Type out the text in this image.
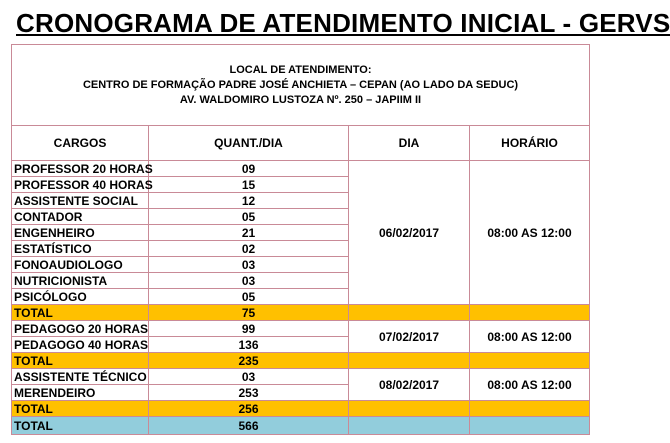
CRONOGRAMA DE ATENDIMENTO INICIAL - GERVS
LOCAL DE ATENDIMENTO:
CENTRO DE FORMAÇÃO PADRE JOSÉ ANCHIETA – CEPAN (AO LADO DA SEDUC)
AV. WALDOMIRO LUSTOZA Nº. 250 – JAPIIM II			

CARGOS	QUANT./DIA	DIA	HORÁRIO
PROFESSOR 20 HORAS	09	06/02/2017	08:00 AS 12:00
PROFESSOR 40 HORAS	15		
ASSISTENTE SOCIAL	12		
CONTADOR	05		
ENGENHEIRO	21		
ESTATÍSTICO	02		
FONOAUDIOLOGO	03		
NUTRICIONISTA	03		
PSICÓLOGO	05		
TOTAL	75		
PEDAGOGO 20 HORAS	99	07/02/2017	08:00 AS 12:00
PEDAGOGO 40 HORAS	136		
TOTAL	235		
ASSISTENTE TÉCNICO	03	08/02/2017	08:00 AS 12:00
MERENDEIRO	253		
TOTAL	256		
TOTAL	566		
